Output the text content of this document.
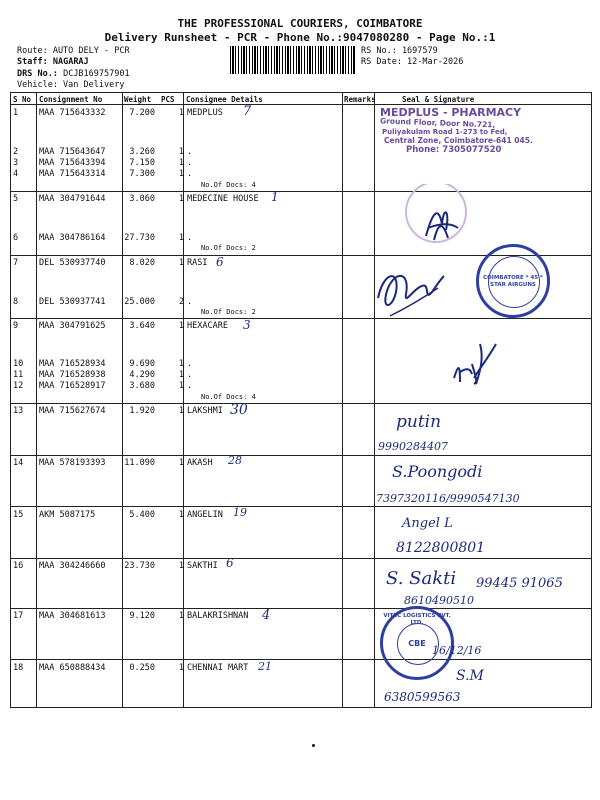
THE PROFESSIONAL COURIERS, COIMBATORE
Delivery Runsheet - PCR - Phone No.:9047080280 - Page No.:1
Route: AUTO DELY - PCR
Staff: NAGARAJ
DRS No.: DCJB169757901
Vehicle: Van Delivery
RS No.: 1697579
RS Date: 12-Mar-2026
S No Consignment No	Weight PCS Consignee Details	Remarks	Seal & Signature
1 MAA 715643332	7.200	1 MEDPLUS
2 MAA 715643647	3.260	1 .
3 MAA 715643394	7.150	1 .
4 MAA 715643314	7.300	1 .
5 MAA 304791644	3.060	1 MEDECINE HOUSE
6 MAA 304786164 27.730	1 .
7 DEL 530937740	8.020	1 RASI
8 DEL 530937741 25.000	2 .
9 MAA 304791625	3.640	1 HEXACARE
10 MAA 716528934	9.690	1 .
11 MAA 716528938	4.290	1 .
12 MAA 716528917	3.680	1 .
13 MAA 715627674	1.920	1 LAKSHMI
14 MAA 578193393 11.090	1 AKASH
15 AKM 5087175	5.400	1 ANGELIN
16 MAA 304246660 23.730	1 SAKTHI
17 MAA 304681613	9.120	1 BALAKRISHNAN
18 MAA 650888434	0.250	1 CHENNAI MART
No.Of Docs: 4
No.Of Docs: 2
No.Of Docs: 2
No.Of Docs: 4
7
1
6
3
30
28
19
6
4
21
MEDPLUS - PHARMACY
Ground Floor, Door No.721,
Puliyakulam Road 1-273 to Fed,
Central Zone, Coimbatore-641 045.
Phone: 7305077520
COIMBATORE * 45 * STAR AIRGUNS
putin
9990284407
S.Poongodi
7397320116/9990547130
Angel L
8122800801
S. Sakti 99445 91065
8610490510
VITEC LOGISTICS PVT. LTD.
CBE
16/12/16
S.M
6380599563
